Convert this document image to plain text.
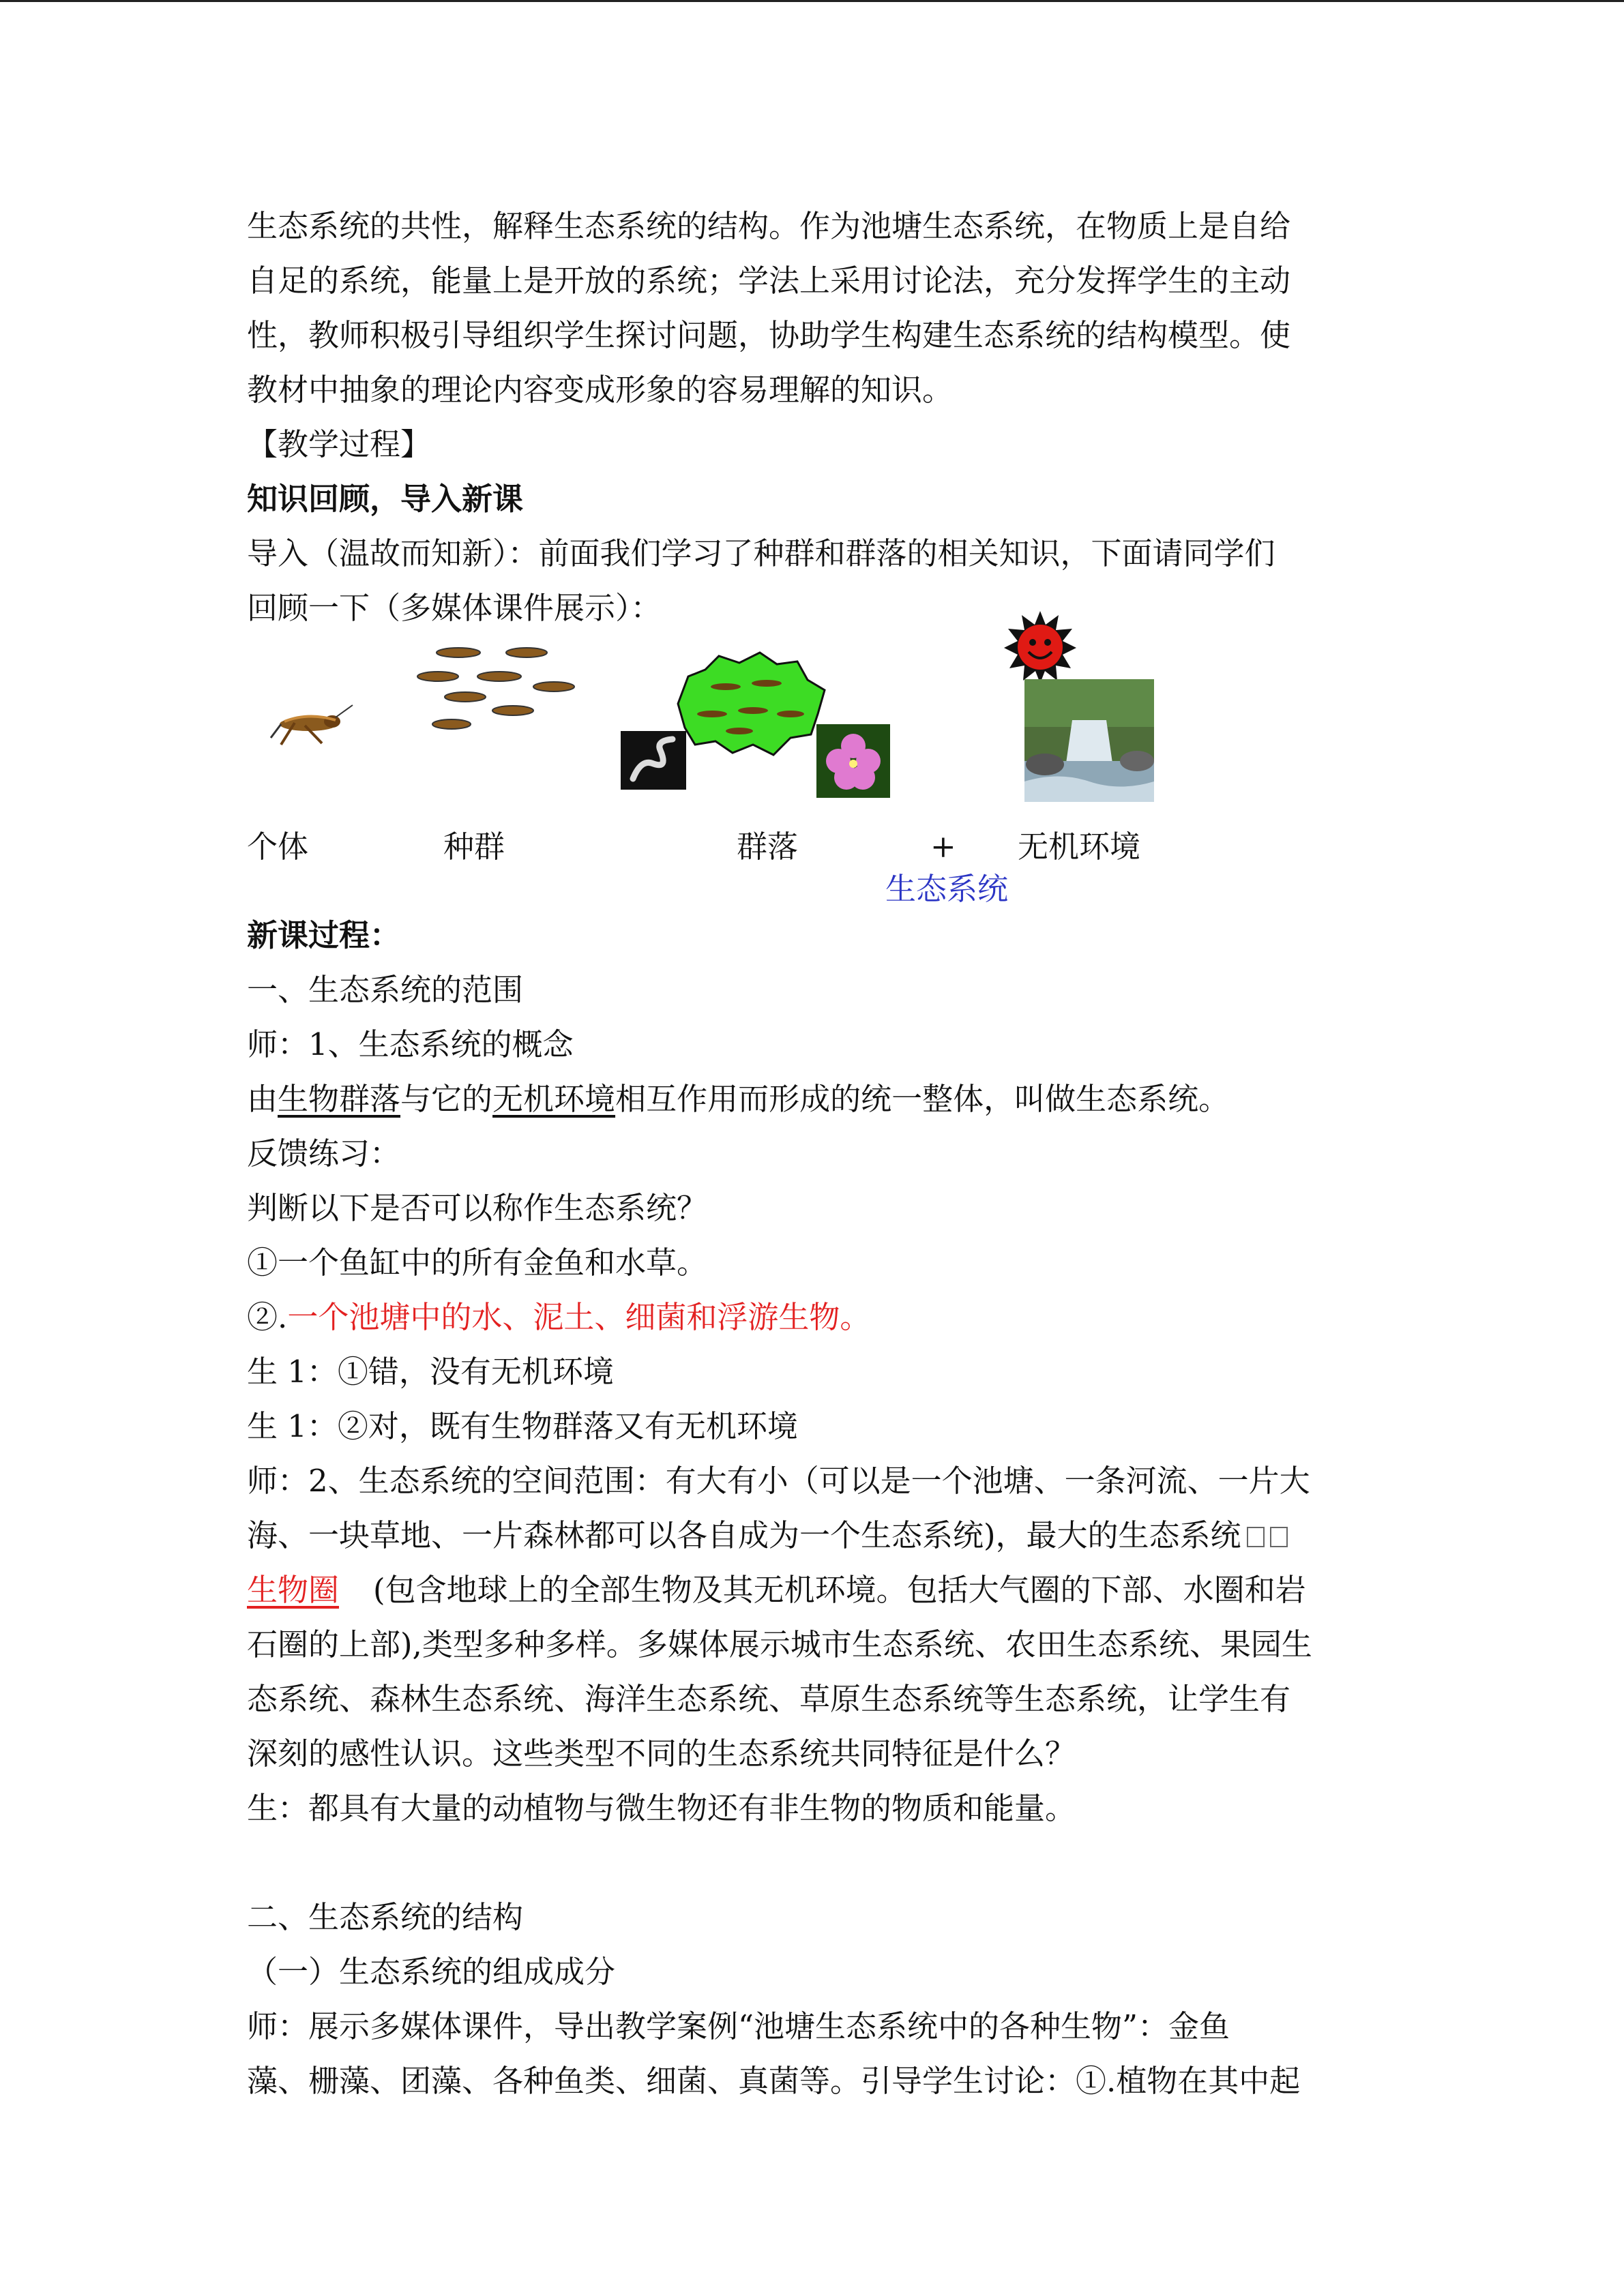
生态系统的共性，解释生态系统的结构。作为池塘生态系统，在物质上是自给

自足的系统，能量上是开放的系统；学法上采用讨论法，充分发挥学生的主动

性，教师积极引导组织学生探讨问题，协助学生构建生态系统的结构模型。使

教材中抽象的理论内容变成形象的容易理解的知识。

【教学过程】

知识回顾，导入新课

导入（温故而知新）：前面我们学习了种群和群落的相关知识，下面请同学们

回顾一下（多媒体课件展示）：

个体	种群	群落	+ 无机环境
生态系统

新课过程：

一、生态系统的范围

师：1、生态系统的概念

由生物群落与它的无机环境相互作用而形成的统一整体，叫做生态系统。

反馈练习：

判断以下是否可以称作生态系统？

①一个鱼缸中的所有金鱼和水草。

②.一个池塘中的水、泥土、细菌和浮游生物。

生 1：①错，没有无机环境

生 1：②对，既有生物群落又有无机环境

师：2、生态系统的空间范围：有大有小（可以是一个池塘、一条河流、一片大

海、一块草地、一片森林都可以各自成为一个生态系统)，最大的生态系统

生物圈 (包含地球上的全部生物及其无机环境。包括大气圈的下部、水圈和岩

石圈的上部),类型多种多样。多媒体展示城市生态系统、农田生态系统、果园生

态系统、森林生态系统、海洋生态系统、草原生态系统等生态系统，让学生有

深刻的感性认识。这些类型不同的生态系统共同特征是什么？

生：都具有大量的动植物与微生物还有非生物的物质和能量。

二、生态系统的结构

（一）生态系统的组成成分

师：展示多媒体课件，导出教学案例“池塘生态系统中的各种生物”：金鱼

藻、栅藻、团藻、各种鱼类、细菌、真菌等。引导学生讨论：①.植物在其中起
